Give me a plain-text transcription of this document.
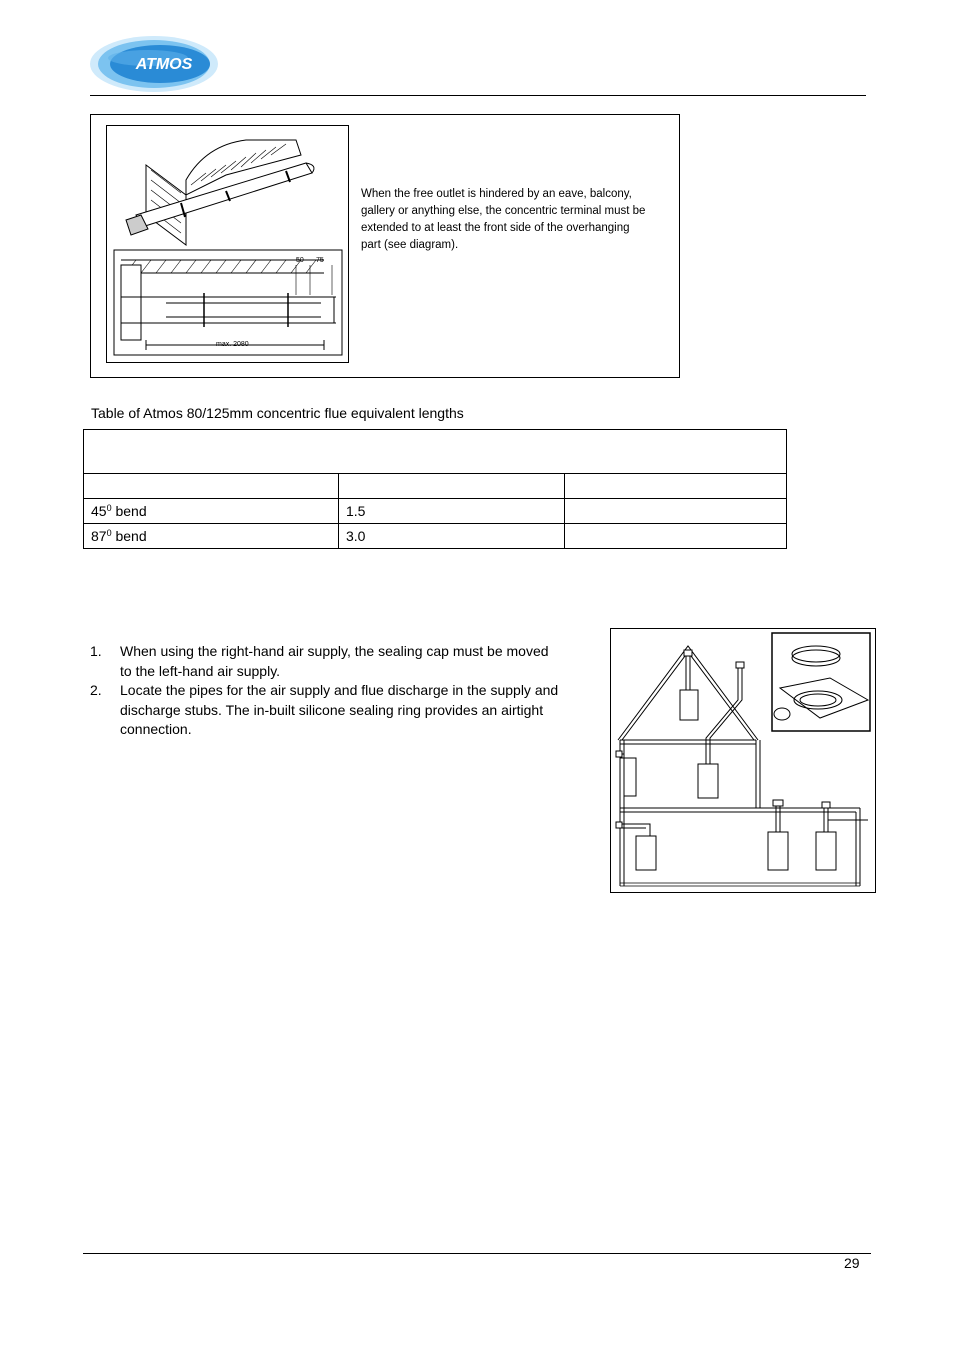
ATMOS
50 75
max. 2080
When the free outlet is hindered by an eave, balcony, gallery or anything else, the concentric terminal must be extended to at least the front side of the overhanging part (see diagram).
Table of Atmos 80/125mm concentric flue equivalent lengths

$45^0$ bend	1.5	
$87^0$ bend	3.0	
1.	When using the right-hand air supply, the sealing cap must be moved to the left-hand air supply.
2.	Locate the pipes for the air supply and flue discharge in the supply and discharge stubs. The in-built silicone sealing ring provides an airtight connection.
29
